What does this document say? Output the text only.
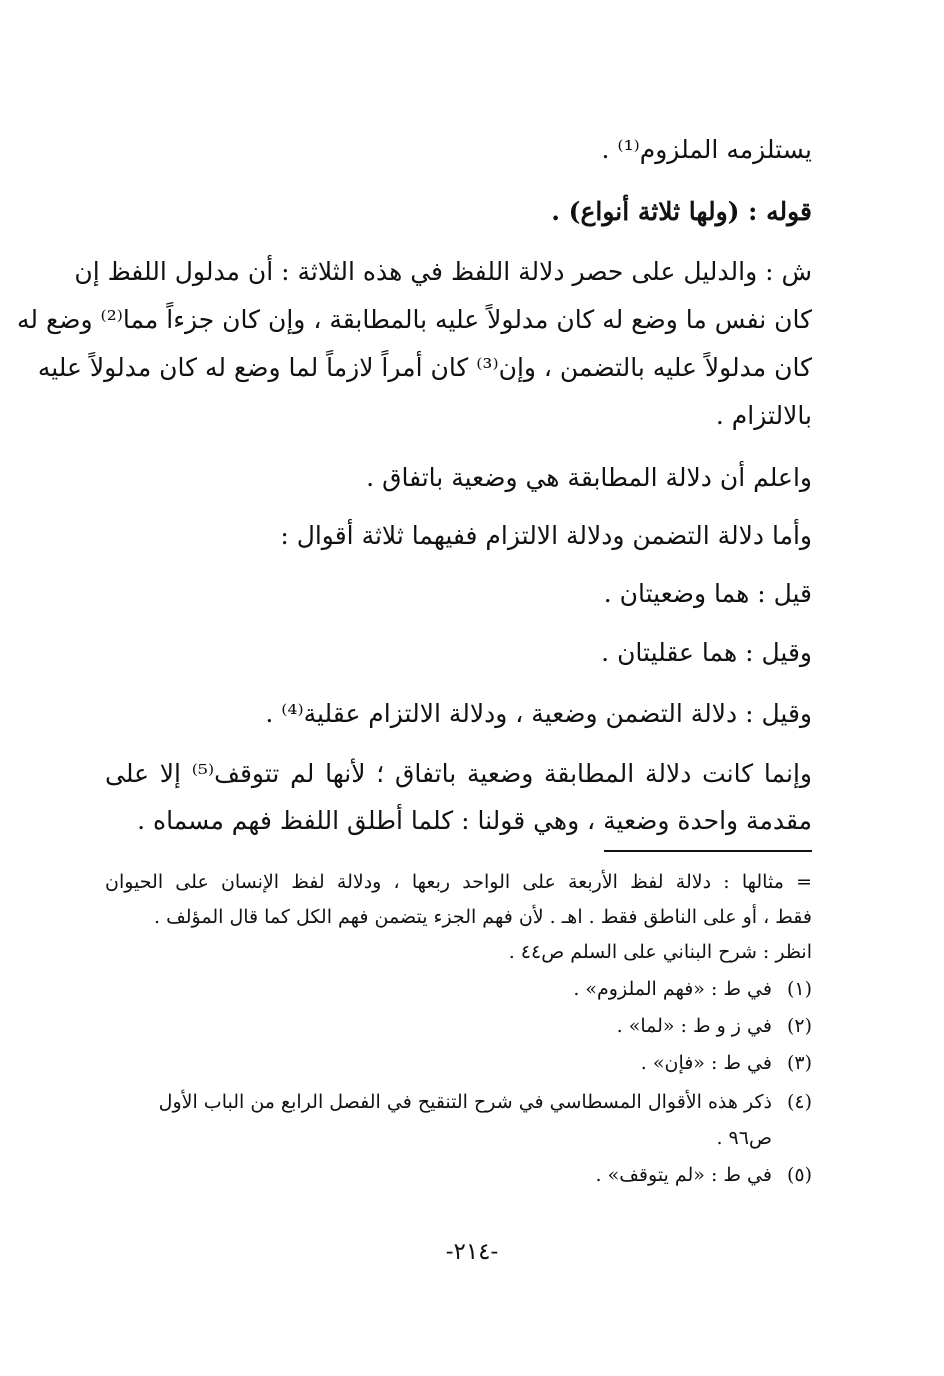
يستلزمه الملزوم⁽¹⁾ .
قوله : (ولها ثلاثة أنواع) .
ش : والدليل على حصر دلالة اللفظ في هذه الثلاثة : أن مدلول اللفظ إن
كان نفس ما وضع له كان مدلولاً عليه بالمطابقة ، وإن كان جزءاً مما⁽²⁾ وضع له
كان مدلولاً عليه بالتضمن ، وإن⁽³⁾ كان أمراً لازماً لما وضع له كان مدلولاً عليه
بالالتزام .
واعلم أن دلالة المطابقة هي وضعية باتفاق .
وأما دلالة التضمن ودلالة الالتزام ففيهما ثلاثة أقوال :
قيل : هما وضعيتان .
وقيل : هما عقليتان .
وقيل : دلالة التضمن وضعية ، ودلالة الالتزام عقلية⁽⁴⁾ .
وإنما كانت دلالة المطابقة وضعية باتفاق ؛ لأنها لم تتوقف⁽⁵⁾ إلا على
مقدمة واحدة وضعية ، وهي قولنا : كلما أطلق اللفظ فهم مسماه .
= مثالها : دلالة لفظ الأربعة على الواحد ربعها ، ودلالة لفظ الإنسان على الحيوان
فقط ، أو على الناطق فقط . اهـ . لأن فهم الجزء يتضمن فهم الكل كما قال المؤلف .
انظر : شرح البناني على السلم ص٤٤ .
(١) في ط : «فهم الملزوم» .
(٢) في ز و ط : «لما» .
(٣) في ط : «فإن» .
(٤) ذكر هذه الأقوال المسطاسي في شرح التنقيح في الفصل الرابع من الباب الأول
ص٩٦ .
(٥) في ط : «لم يتوقف» .
-٢١٤-
